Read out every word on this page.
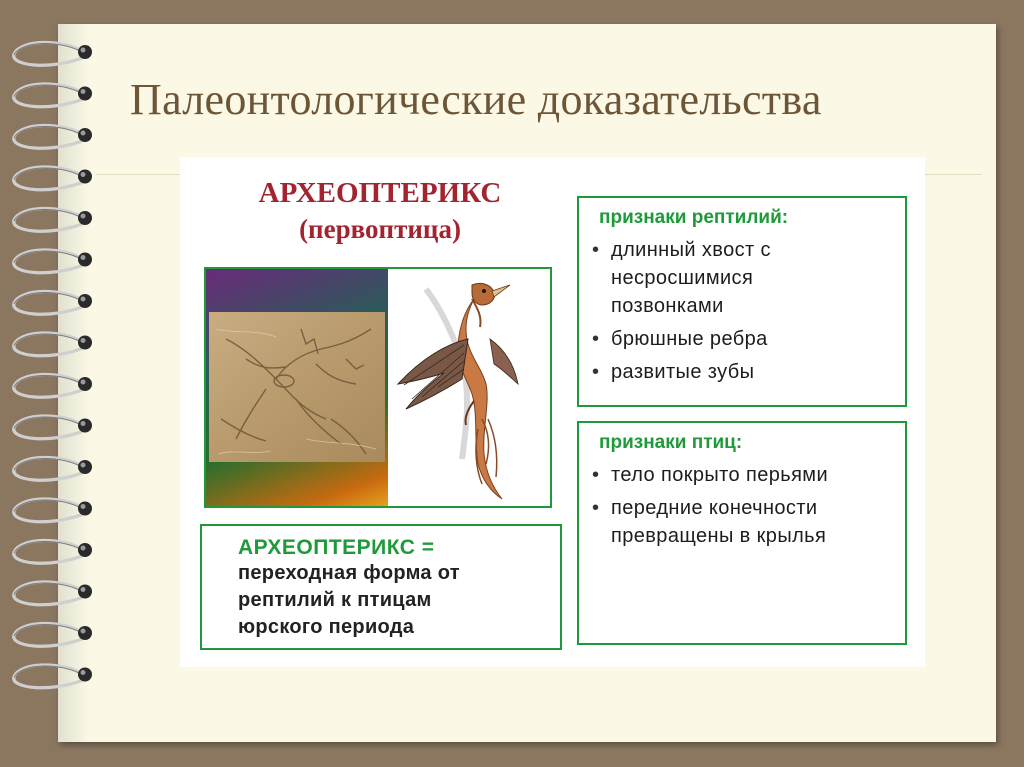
Палеонтологические доказательства
АРХЕОПТЕРИКС
(первоптица)
АРХЕОПТЕРИКС =
переходная форма от
рептилий к птицам
юрского периода
признаки рептилий:
• длинный хвост с
несросшимися
позвонками
• брюшные ребра
• развитые зубы
признаки птиц:
• тело покрыто перьями
• передние конечности
превращены в крылья
